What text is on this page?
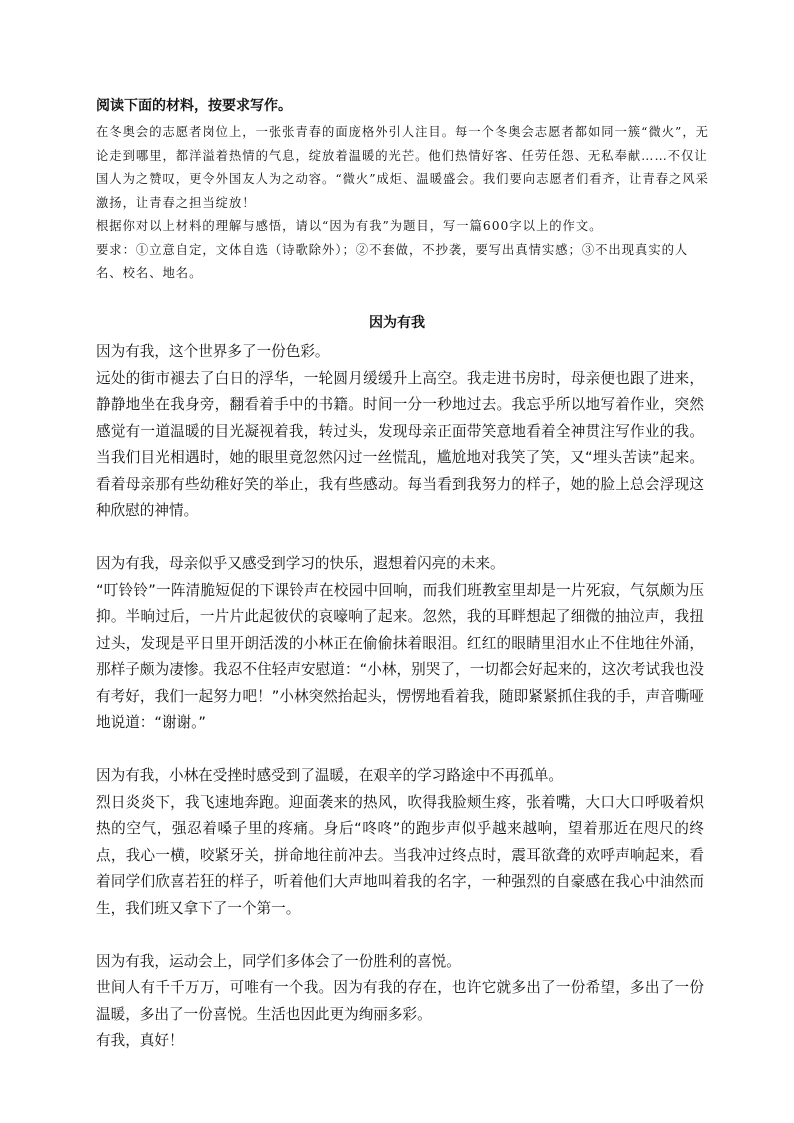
阅读下面的材料，按要求写作。

在冬奥会的志愿者岗位上，一张张青春的面庞格外引人注目。每一个冬奥会志愿者都如同一簇“微火”，无论走到哪里，都洋溢着热情的气息，绽放着温暖的光芒。他们热情好客、任劳任怨、无私奉献……不仅让国人为之赞叹，更令外国友人为之动容。“微火”成炬、温暖盛会。我们要向志愿者们看齐，让青春之风采激扬，让青春之担当绽放！

根据你对以上材料的理解与感悟，请以“因为有我”为题目，写一篇600字以上的作文。

要求：①立意自定，文体自选（诗歌除外）；②不套做，不抄袭，要写出真情实感；③不出现真实的人名、校名、地名。

因为有我

因为有我，这个世界多了一份色彩。

远处的街市褪去了白日的浮华，一轮圆月缓缓升上高空。我走进书房时，母亲便也跟了进来，静静地坐在我身旁，翻看着手中的书籍。时间一分一秒地过去。我忘乎所以地写着作业，突然感觉有一道温暖的目光凝视着我，转过头，发现母亲正面带笑意地看着全神贯注写作业的我。当我们目光相遇时，她的眼里竟忽然闪过一丝慌乱，尴尬地对我笑了笑，又“埋头苦读”起来。看着母亲那有些幼稚好笑的举止，我有些感动。每当看到我努力的样子，她的脸上总会浮现这种欣慰的神情。

因为有我，母亲似乎又感受到学习的快乐，遐想着闪亮的未来。

“叮铃铃”一阵清脆短促的下课铃声在校园中回响，而我们班教室里却是一片死寂，气氛颇为压抑。半晌过后，一片片此起彼伏的哀嚎响了起来。忽然，我的耳畔想起了细微的抽泣声，我扭过头，发现是平日里开朗活泼的小林正在偷偷抹着眼泪。红红的眼睛里泪水止不住地往外涌，那样子颇为凄惨。我忍不住轻声安慰道：“小林，别哭了，一切都会好起来的，这次考试我也没有考好，我们一起努力吧！”小林突然抬起头，愣愣地看着我，随即紧紧抓住我的手，声音嘶哑地说道：“谢谢。”

因为有我，小林在受挫时感受到了温暖，在艰辛的学习路途中不再孤单。

烈日炎炎下，我飞速地奔跑。迎面袭来的热风，吹得我脸颊生疼，张着嘴，大口大口呼吸着炽热的空气，强忍着嗓子里的疼痛。身后“咚咚”的跑步声似乎越来越响，望着那近在咫尺的终点，我心一横，咬紧牙关，拼命地往前冲去。当我冲过终点时，震耳欲聋的欢呼声响起来，看着同学们欣喜若狂的样子，听着他们大声地叫着我的名字，一种强烈的自豪感在我心中油然而生，我们班又拿下了一个第一。

因为有我，运动会上，同学们多体会了一份胜利的喜悦。

世间人有千千万万，可唯有一个我。因为有我的存在，也许它就多出了一份希望，多出了一份温暖，多出了一份喜悦。生活也因此更为绚丽多彩。

有我，真好！
